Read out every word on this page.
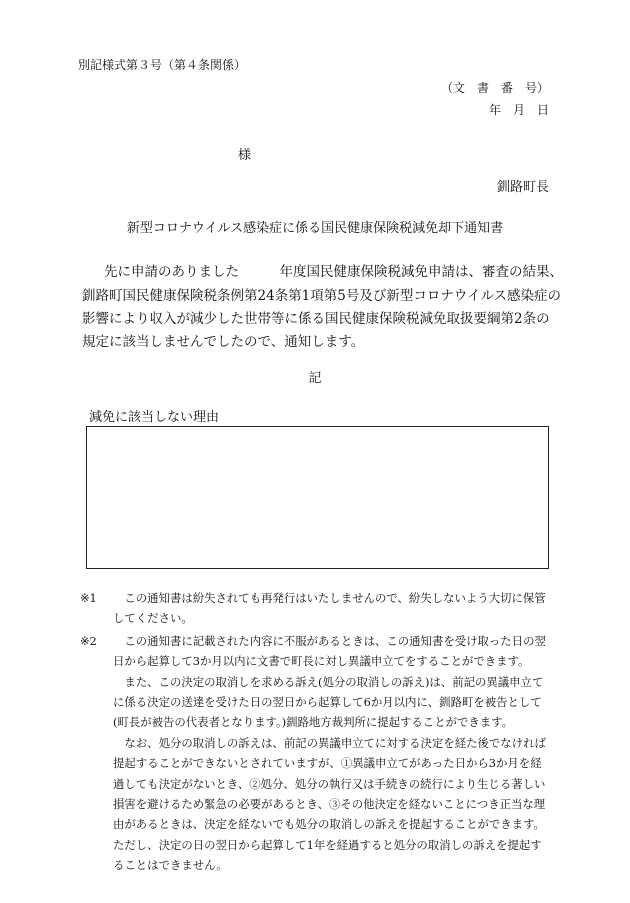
別記様式第３号（第４条関係）
（文　書　番　号）
年　月　日
様
釧路町長
新型コロナウイルス感染症に係る国民健康保険税減免却下通知書
先に申請のありました　　　年度国民健康保険税減免申請は、審査の結果、
釧路町国民健康保険税条例第24条第1項第5号及び新型コロナウイルス感染症の
影響により収入が減少した世帯等に係る国民健康保険税減免取扱要綱第2条の
規定に該当しませんでしたので、通知します。
記
減免に該当しない理由
※1	この通知書は紛失されても再発行はいたしませんので、紛失しないよう大切に保管
してください。

※2	この通知書に記載された内容に不服があるときは、この通知書を受け取った日の翌
日から起算して3か月以内に文書で町長に対し異議申立てをすることができます。

また、この決定の取消しを求める訴え(処分の取消しの訴え)は、前記の異議申立て
に係る決定の送達を受けた日の翌日から起算して6か月以内に、釧路町を被告として
(町長が被告の代表者となります。)釧路地方裁判所に提起することができます。

なお、処分の取消しの訴えは、前記の異議申立てに対する決定を経た後でなければ
提起することができないとされていますが、①異議申立てがあった日から3か月を経
過しても決定がないとき、②処分、処分の執行又は手続きの続行により生じる著しい
損害を避けるため緊急の必要があるとき、③その他決定を経ないことにつき正当な理
由があるときは、決定を経ないでも処分の取消しの訴えを提起することができます。
ただし、決定の日の翌日から起算して1年を経過すると処分の取消しの訴えを提起す
ることはできません。
